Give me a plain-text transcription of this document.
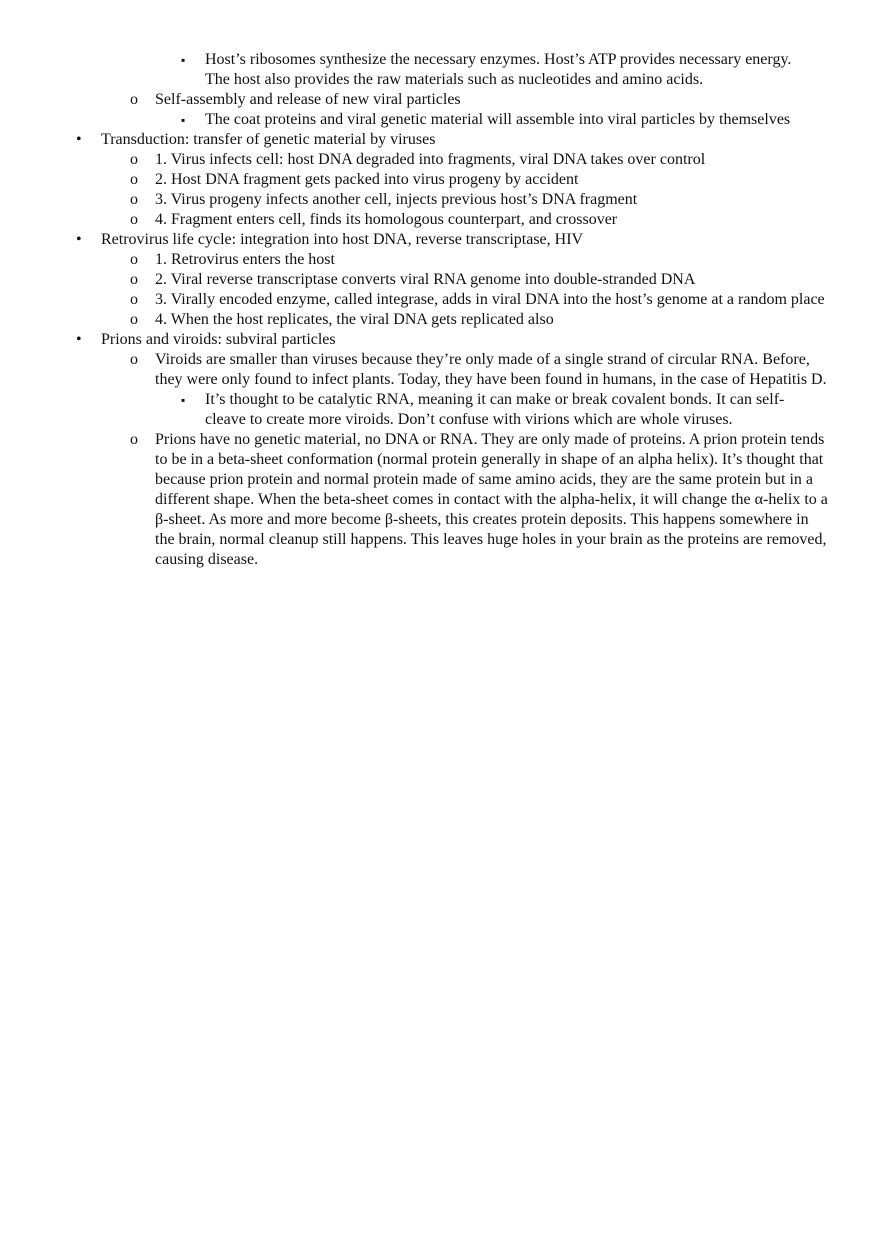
▪ Host’s ribosomes synthesize the necessary enzymes. Host’s ATP provides necessary energy. The host also provides the raw materials such as nucleotides and amino acids.
o Self-assembly and release of new viral particles
▪ The coat proteins and viral genetic material will assemble into viral particles by themselves
• Transduction: transfer of genetic material by viruses
o 1. Virus infects cell: host DNA degraded into fragments, viral DNA takes over control
o 2. Host DNA fragment gets packed into virus progeny by accident
o 3. Virus progeny infects another cell, injects previous host’s DNA fragment
o 4. Fragment enters cell, finds its homologous counterpart, and crossover
• Retrovirus life cycle: integration into host DNA, reverse transcriptase, HIV
o 1. Retrovirus enters the host
o 2. Viral reverse transcriptase converts viral RNA genome into double-stranded DNA
o 3. Virally encoded enzyme, called integrase, adds in viral DNA into the host’s genome at a random place
o 4. When the host replicates, the viral DNA gets replicated also
• Prions and viroids: subviral particles
o Viroids are smaller than viruses because they’re only made of a single strand of circular RNA. Before, they were only found to infect plants. Today, they have been found in humans, in the case of Hepatitis D.
▪ It’s thought to be catalytic RNA, meaning it can make or break covalent bonds. It can self-cleave to create more viroids. Don’t confuse with virions which are whole viruses.
o Prions have no genetic material, no DNA or RNA. They are only made of proteins. A prion protein tends to be in a beta-sheet conformation (normal protein generally in shape of an alpha helix). It’s thought that because prion protein and normal protein made of same amino acids, they are the same protein but in a different shape. When the beta-sheet comes in contact with the alpha-helix, it will change the α-helix to a β-sheet. As more and more become β-sheets, this creates protein deposits. This happens somewhere in the brain, normal cleanup still happens. This leaves huge holes in your brain as the proteins are removed, causing disease.
